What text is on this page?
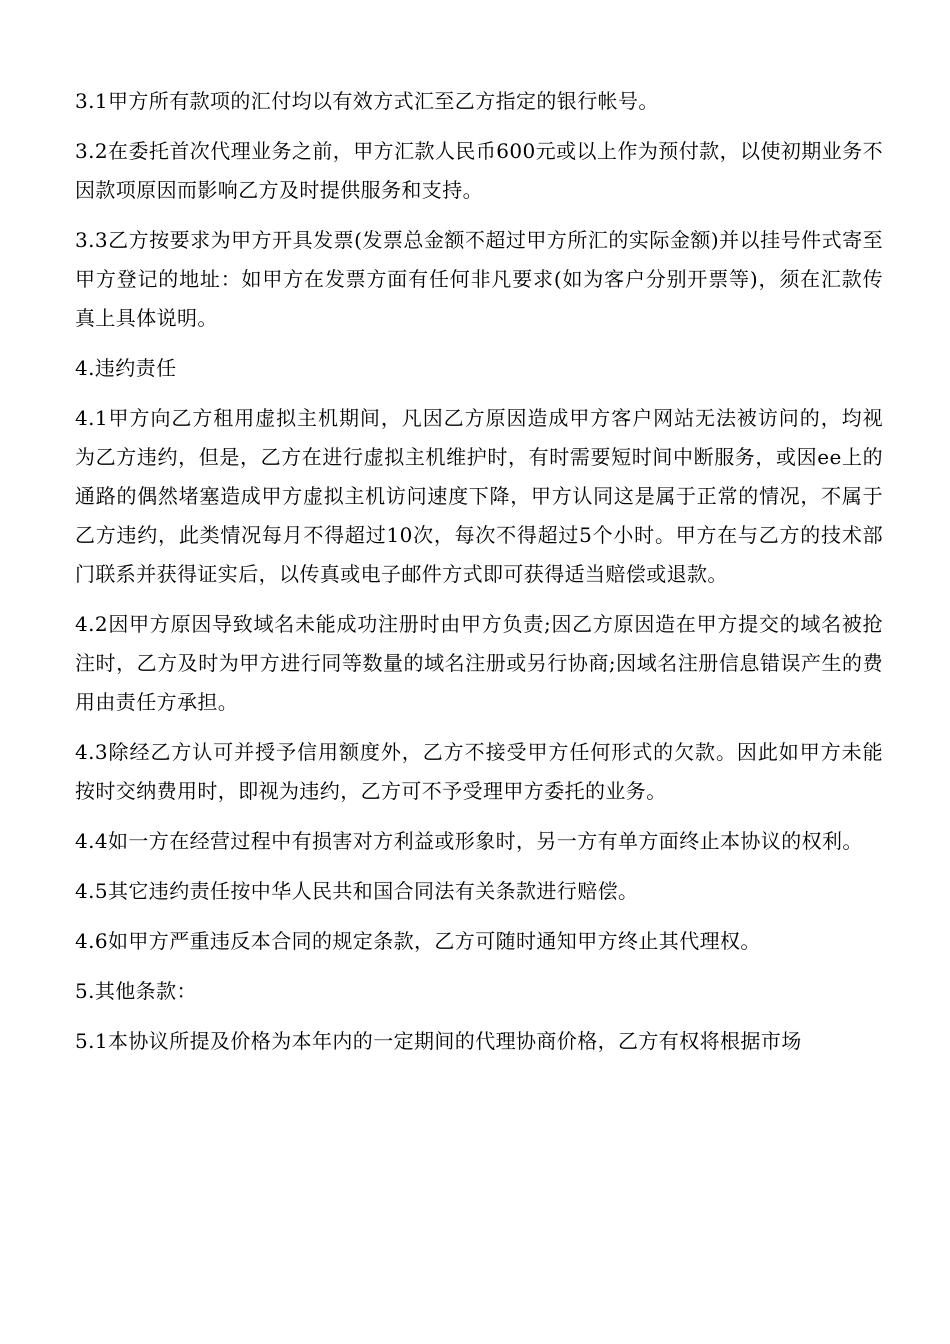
3.1甲方所有款项的汇付均以有效方式汇至乙方指定的银行帐号。

3.2在委托首次代理业务之前，甲方汇款人民币600元或以上作为预付款，以使初期业务不因款项原因而影响乙方及时提供服务和支持。

3.3乙方按要求为甲方开具发票(发票总金额不超过甲方所汇的实际金额)并以挂号件式寄至甲方登记的地址：如甲方在发票方面有任何非凡要求(如为客户分别开票等)，须在汇款传真上具体说明。

4.违约责任

4.1甲方向乙方租用虚拟主机期间，凡因乙方原因造成甲方客户网站无法被访问的，均视为乙方违约，但是，乙方在进行虚拟主机维护时，有时需要短时间中断服务，或因ee上的通路的偶然堵塞造成甲方虚拟主机访问速度下降，甲方认同这是属于正常的情况，不属于乙方违约，此类情况每月不得超过10次，每次不得超过5个小时。甲方在与乙方的技术部门联系并获得证实后，以传真或电子邮件方式即可获得适当赔偿或退款。

4.2因甲方原因导致域名未能成功注册时由甲方负责;因乙方原因造在甲方提交的域名被抢注时，乙方及时为甲方进行同等数量的域名注册或另行协商;因域名注册信息错误产生的费用由责任方承担。

4.3除经乙方认可并授予信用额度外，乙方不接受甲方任何形式的欠款。因此如甲方未能按时交纳费用时，即视为违约，乙方可不予受理甲方委托的业务。

4.4如一方在经营过程中有损害对方利益或形象时，另一方有单方面终止本协议的权利。

4.5其它违约责任按中华人民共和国合同法有关条款进行赔偿。

4.6如甲方严重违反本合同的规定条款，乙方可随时通知甲方终止其代理权。

5.其他条款：

5.1本协议所提及价格为本年内的一定期间的代理协商价格，乙方有权将根据市场
